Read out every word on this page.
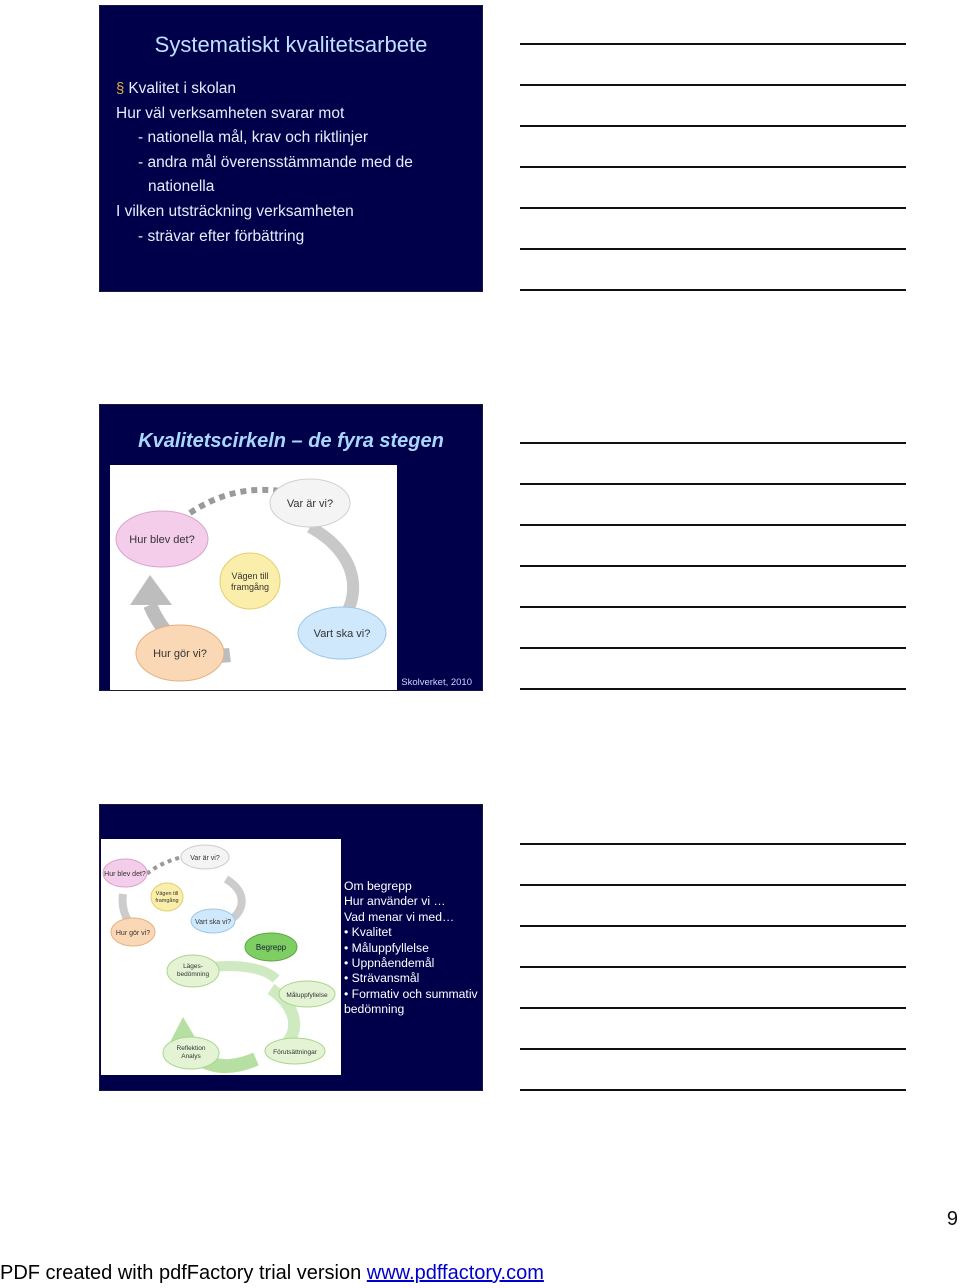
Systematiskt kvalitetsarbete
§ Kvalitet i skolan
Hur väl verksamheten svarar mot
- nationella mål, krav och riktlinjer
- andra mål överensstämmande med de
nationella
I vilken utsträckning verksamheten
- strävar efter förbättring
Kvalitetscirkeln – de fyra stegen
Var är vi?
Hur blev det?
Vägen till
framgång
Vart ska vi?
Hur gör vi?
Skolverket, 2010
Var är vi?
Hur blev det?
Vägen till
framgång
Vart ska vi?
Hur gör vi?
Begrepp
Läges-
bedömning
Måluppfyllelse
Reflektion
Analys
Förutsättningar
Om begrepp
Hur använder vi …
Vad menar vi med…
• Kvalitet
• Måluppfyllelse
• Uppnåendemål
• Strävansmål
• Formativ och summativ
bedömning
9
PDF created with pdfFactory trial version www.pdffactory.com
